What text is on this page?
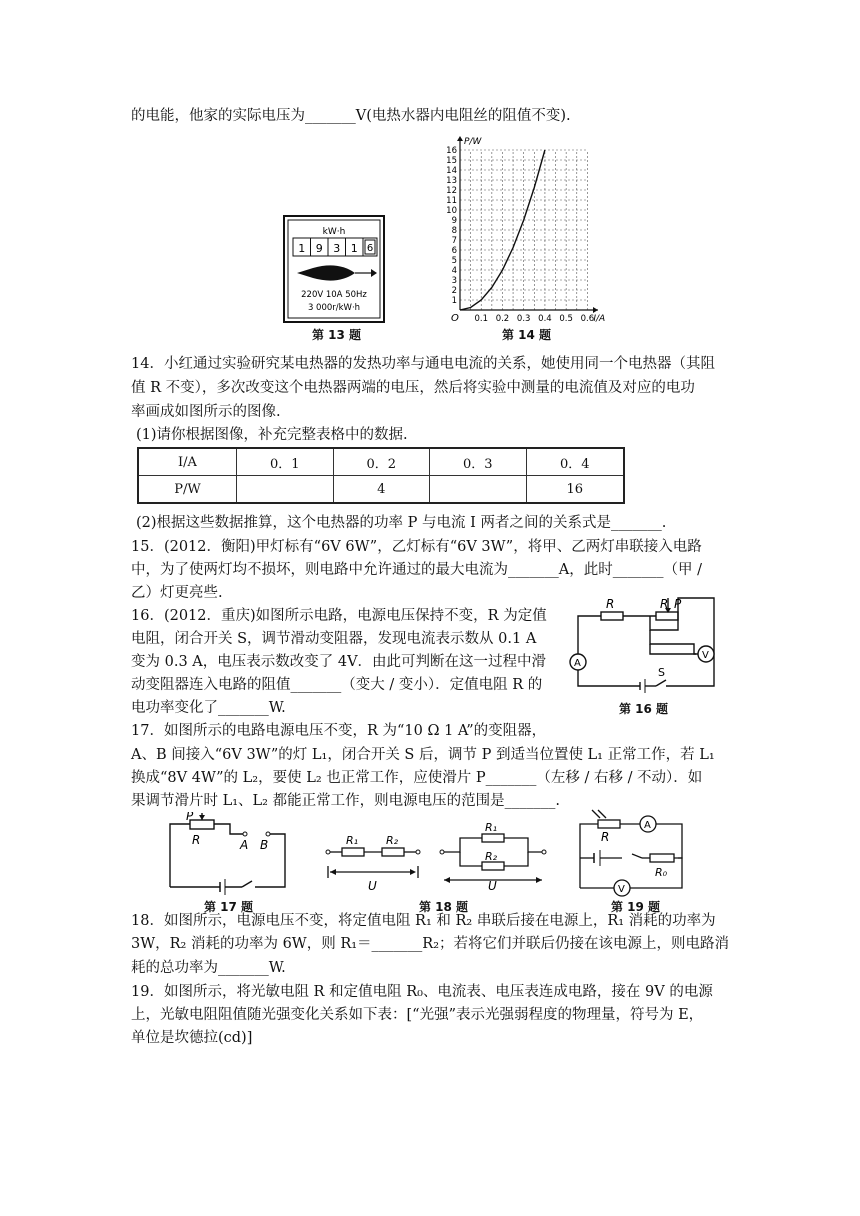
的电能，他家的实际电压为_______V(电热水器内电阻丝的阻值不变).
14．小红通过实验研究某电热器的发热功率与通电电流的关系，她使用同一个电热器（其阻
值 R 不变），多次改变这个电热器两端的电压，然后将实验中测量的电流值及对应的电功
率画成如图所示的图像.
(1)请你根据图像，补充完整表格中的数据.
I/A	0．1	0．2	0．3	0．4
P/W		4		16
(2)根据这些数据推算，这个电热器的功率 P 与电流 I 两者之间的关系式是_______.
15．(2012．衡阳)甲灯标有“6V 6W”，乙灯标有“6V 3W”，将甲、乙两灯串联接入电路
中，为了使两灯均不损坏，则电路中允许通过的最大电流为_______A，此时_______（甲 /
乙）灯更亮些.
16．(2012．重庆)如图所示电路，电源电压保持不变，R 为定值
电阻，闭合开关 S，调节滑动变阻器，发现电流表示数从 0.1 A
变为 0.3 A，电压表示数改变了 4V．由此可判断在这一过程中滑
动变阻器连入电路的阻值_______（变大 / 变小）．定值电阻 R 的
电功率变化了_______W.
17．如图所示的电路电源电压不变，R 为“10 Ω 1 A”的变阻器，
A、B 间接入“6V 3W”的灯 L₁，闭合开关 S 后，调节 P 到适当位置使 L₁ 正常工作，若 L₁
换成“8V 4W”的 L₂，要使 L₂ 也正常工作，应使滑片 P_______（左移 / 右移 / 不动）．如
果调节滑片时 L₁、L₂ 都能正常工作，则电源电压的范围是_______.
18．如图所示，电源电压不变，将定值电阻 R₁ 和 R₂ 串联后接在电源上，R₁ 消耗的功率为
3W，R₂ 消耗的功率为 6W，则 R₁＝_______R₂；若将它们并联后仍接在该电源上，则电路消
耗的总功率为_______W.
19．如图所示，将光敏电阻 R 和定值电阻 R₀、电流表、电压表连成电路，接在 9V 的电源
上，光敏电阻阻值随光强变化关系如下表：[“光强”表示光强弱程度的物理量，符号为 E，
单位是坎德拉(cd)]
kW·h
1 9 3 1 6
220V 10A 50Hz
3 000r/kW·h
第 13 题
1
2
3
4
5
6
7
8
9
10
11
12
13
14
15
16
0.1 0.2 0.3 0.4 0.5 0.6
O
P/W
I/A
第 14 题
R	R P
A
V
S
第 16 题
P
R	A B
第 17 题
R₁	R₂
U
R₁
R₂
U
第 18 题
A
V
R
R₀
第 19 题
